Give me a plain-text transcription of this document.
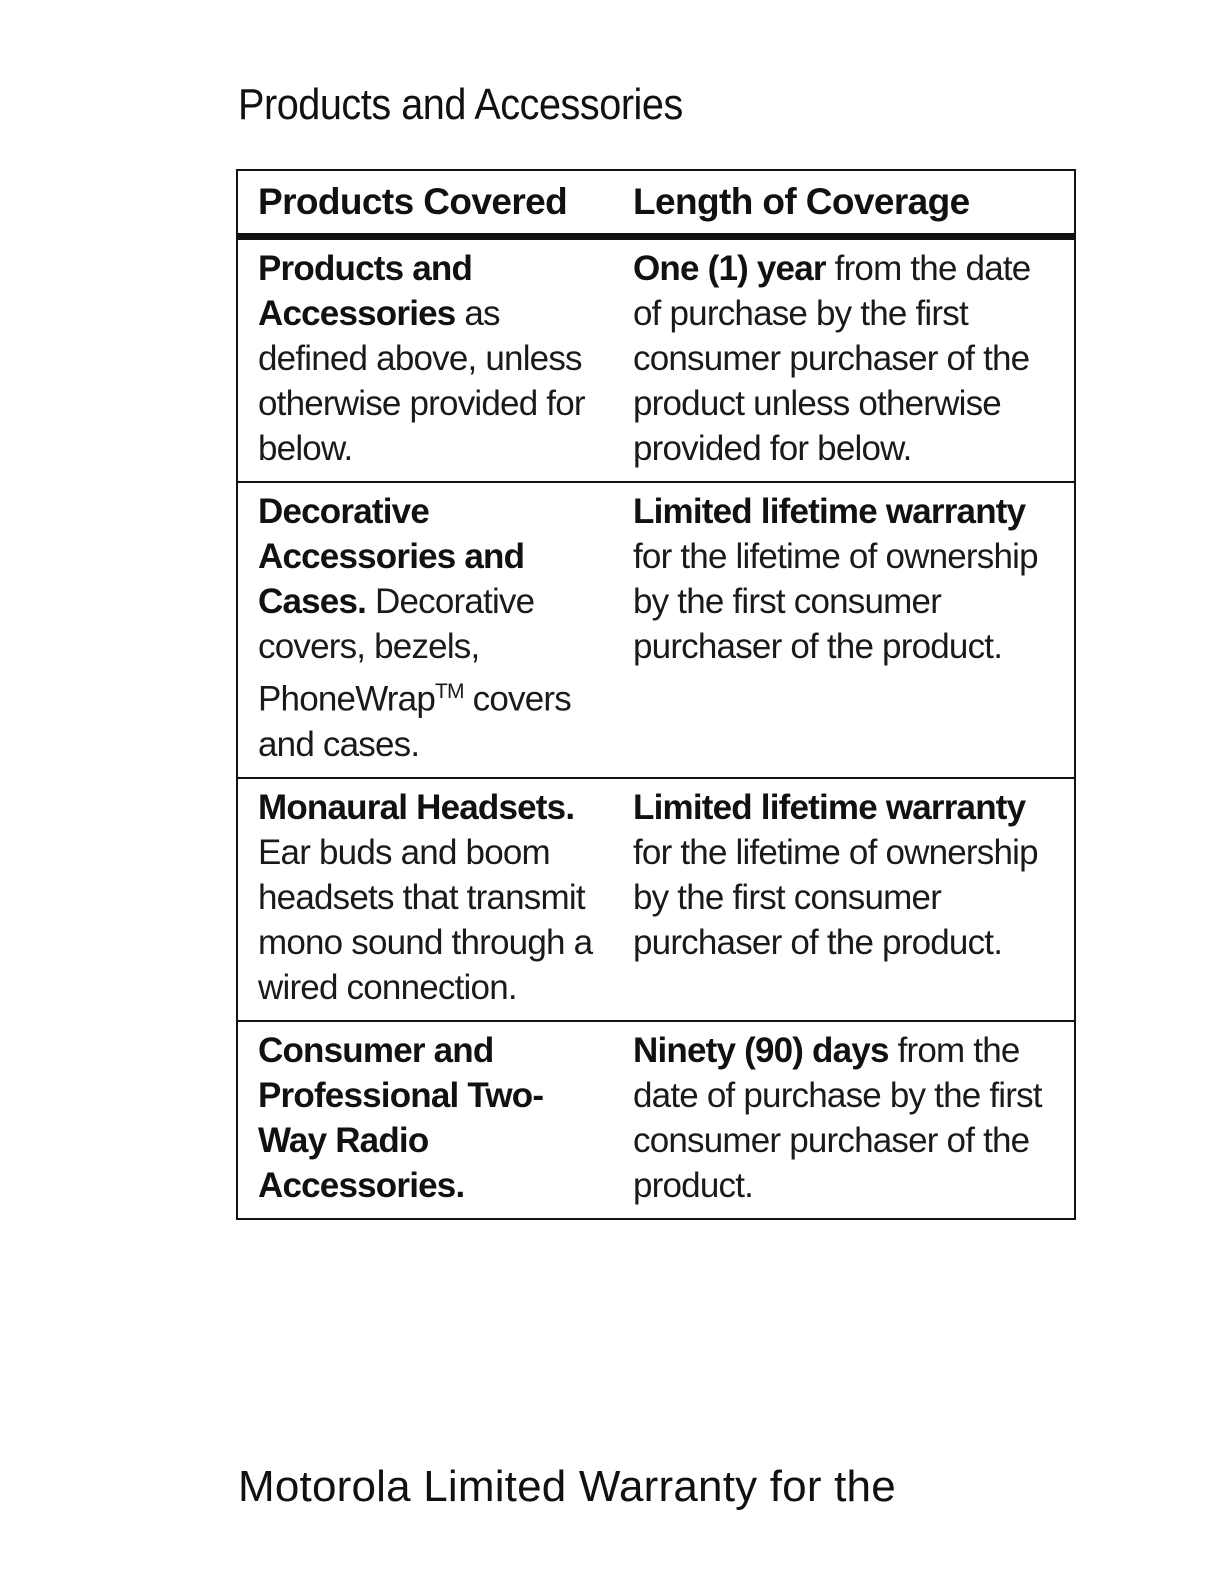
Products and Accessories
Products Covered	Length of Coverage
Products and Accessories as defined above, unless otherwise provided for below.	One (1) year from the date of purchase by the first consumer purchaser of the product unless otherwise provided for below.
Decorative Accessories and Cases. Decorative covers, bezels, PhoneWrap™ covers and cases.	Limited lifetime warranty for the lifetime of ownership by the first consumer purchaser of the product.
Monaural Headsets. Ear buds and boom headsets that transmit mono sound through a wired connection.	Limited lifetime warranty for the lifetime of ownership by the first consumer purchaser of the product.
Consumer and Professional Two-Way Radio Accessories.	Ninety (90) days from the date of purchase by the first consumer purchaser of the product.
Motorola Limited Warranty for the
